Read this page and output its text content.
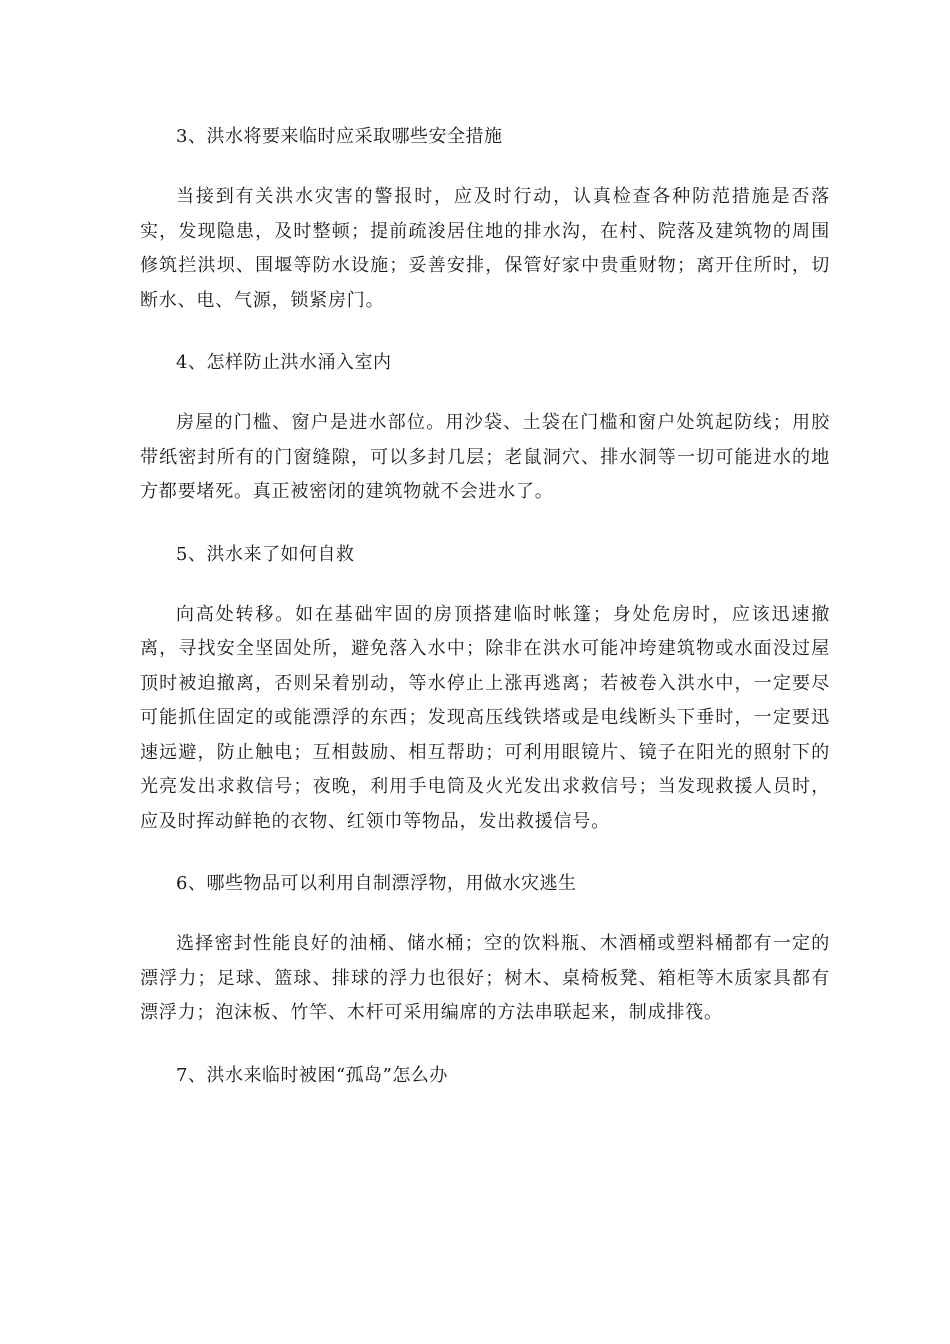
3、洪水将要来临时应采取哪些安全措施
当接到有关洪水灾害的警报时，应及时行动，认真检查各种防范措施是否落实，发现隐患，及时整顿；提前疏浚居住地的排水沟，在村、院落及建筑物的周围修筑拦洪坝、围堰等防水设施；妥善安排，保管好家中贵重财物；离开住所时，切断水、电、气源，锁紧房门。
4、怎样防止洪水涌入室内
房屋的门槛、窗户是进水部位。用沙袋、土袋在门槛和窗户处筑起防线；用胶带纸密封所有的门窗缝隙，可以多封几层；老鼠洞穴、排水洞等一切可能进水的地方都要堵死。真正被密闭的建筑物就不会进水了。
5、洪水来了如何自救
向高处转移。如在基础牢固的房顶搭建临时帐篷；身处危房时，应该迅速撤离，寻找安全坚固处所，避免落入水中；除非在洪水可能冲垮建筑物或水面没过屋顶时被迫撤离，否则呆着别动，等水停止上涨再逃离；若被卷入洪水中，一定要尽可能抓住固定的或能漂浮的东西；发现高压线铁塔或是电线断头下垂时，一定要迅速远避，防止触电；互相鼓励、相互帮助；可利用眼镜片、镜子在阳光的照射下的光亮发出求救信号；夜晚，利用手电筒及火光发出求救信号；当发现救援人员时，应及时挥动鲜艳的衣物、红领巾等物品，发出救援信号。
6、哪些物品可以利用自制漂浮物，用做水灾逃生
选择密封性能良好的油桶、储水桶；空的饮料瓶、木酒桶或塑料桶都有一定的漂浮力；足球、篮球、排球的浮力也很好；树木、桌椅板凳、箱柜等木质家具都有漂浮力；泡沫板、竹竿、木杆可采用编席的方法串联起来，制成排筏。
7、洪水来临时被困“孤岛”怎么办
